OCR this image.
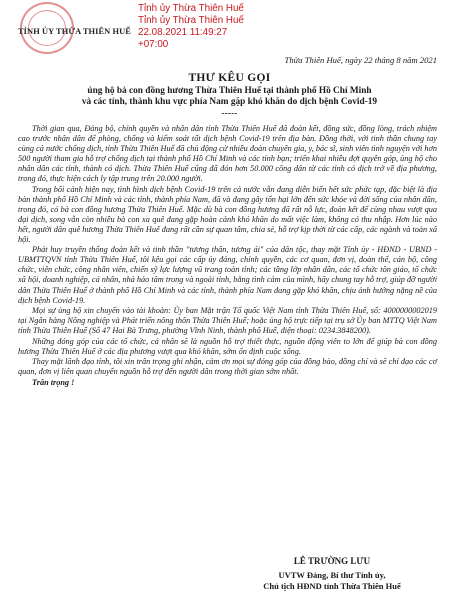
TỈNH ỦY THỪA THIÊN HUẾ
Tỉnh ủy Thừa Thiên Huế
Tỉnh ủy Thừa Thiên Huế
22.08.2021 11:49:27
+07:00
Thừa Thiên Huế, ngày 22 tháng 8 năm 2021
THƯ KÊU GỌI
ủng hộ bà con đồng hương Thừa Thiên Huế tại thành phố Hồ Chí Minh
và các tỉnh, thành khu vực phía Nam gặp khó khăn do dịch bệnh Covid-19
-----

Thời gian qua, Đảng bộ, chính quyền và nhân dân tỉnh Thừa Thiên Huế đã đoàn kết, đồng sức, đồng lòng, trách nhiệm cao trước nhân dân để phòng, chống và kiểm soát tốt dịch bệnh Covid-19 trên địa bàn. Đồng thời, với tinh thần chung tay cùng cả nước chống dịch, tỉnh Thừa Thiên Huế đã chủ động cử nhiều đoàn chuyên gia, y, bác sĩ, sinh viên tình nguyện với hơn 500 người tham gia hỗ trợ chống dịch tại thành phố Hồ Chí Minh và các tỉnh bạn; triển khai nhiều đợt quyên góp, ủng hộ cho nhân dân các tỉnh, thành có dịch. Thừa Thiên Huế cũng đã đón hơn 50.000 công dân từ các tỉnh có dịch trở về địa phương, trong đó, thực hiện cách ly tập trung trên 20.000 người.

Trong bối cảnh hiện nay, tình hình dịch bệnh Covid-19 trên cả nước vẫn đang diễn biến hết sức phức tạp, đặc biệt là địa bàn thành phố Hồ Chí Minh và các tỉnh, thành phía Nam, đã và đang gây tổn hại lớn đến sức khỏe và đời sống của nhân dân, trong đó, có bà con đồng hương Thừa Thiên Huế. Mặc dù bà con đồng hương đã rất nỗ lực, đoàn kết để cùng nhau vượt qua đại dịch, song vẫn còn nhiều bà con xa quê đang gặp hoàn cảnh khó khăn do mất việc làm, không có thu nhập. Hơn lúc nào hết, người dân quê hương Thừa Thiên Huế đang rất cần sự quan tâm, chia sẻ, hỗ trợ kịp thời từ các cấp, các ngành và toàn xã hội.

Phát huy truyền thống đoàn kết và tinh thần "tương thân, tương ái" của dân tộc, thay mặt Tỉnh ủy - HĐND - UBND - UBMTTQVN tỉnh Thừa Thiên Huế, tôi kêu gọi các cấp ủy đảng, chính quyền, các cơ quan, đơn vị, đoàn thể, cán bộ, công chức, viên chức, công nhân viên, chiến sỹ lực lượng vũ trang toàn tỉnh; các tầng lớp nhân dân, các tổ chức tôn giáo, tổ chức xã hội, doanh nghiệp, cá nhân, nhà hảo tâm trong và ngoài tỉnh, bằng tình cảm của mình, hãy chung tay hỗ trợ, giúp đỡ người dân Thừa Thiên Huế ở thành phố Hồ Chí Minh và các tỉnh, thành phía Nam đang gặp khó khăn, chịu ảnh hưởng nặng nề của dịch bệnh Covid-19.

Mọi sự ủng hộ xin chuyển vào tài khoản: Ủy ban Mặt trận Tổ quốc Việt Nam tỉnh Thừa Thiên Huế, số: 4000000002019 tại Ngân hàng Nông nghiệp và Phát triển nông thôn Thừa Thiên Huế; hoặc ủng hộ trực tiếp tại trụ sở Ủy ban MTTQ Việt Nam tỉnh Thừa Thiên Huế (Số 47 Hai Bà Trưng, phường Vĩnh Ninh, thành phố Huế, điện thoại: 0234.3848200).

Những đóng góp của các tổ chức, cá nhân sẽ là nguồn hỗ trợ thiết thực, nguồn động viên to lớn để giúp bà con đồng hương Thừa Thiên Huế ở các địa phương vượt qua khó khăn, sớm ổn định cuộc sống.

Thay mặt lãnh đạo tỉnh, tôi xin trân trọng ghi nhận, cảm ơn mọi sự đóng góp của đồng bào, đồng chí và sẽ chỉ đạo các cơ quan, đơn vị liên quan chuyển nguồn hỗ trợ đến người dân trong thời gian sớm nhất.

Trân trọng !

LÊ TRƯỜNG LƯU
UVTW Đảng, Bí thư Tỉnh ủy,
Chủ tịch HĐND tỉnh Thừa Thiên Huế
